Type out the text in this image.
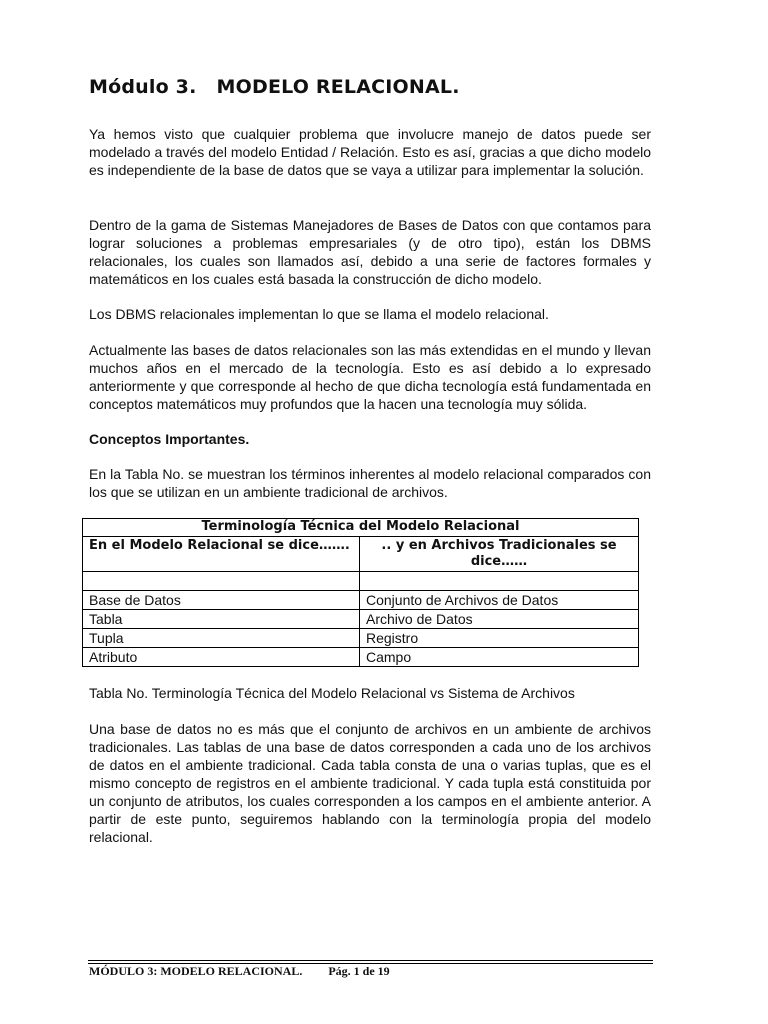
Módulo 3. MODELO RELACIONAL.

Ya hemos visto que cualquier problema que involucre manejo de datos puede ser modelado a través del modelo Entidad / Relación. Esto es así, gracias a que dicho modelo es independiente de la base de datos que se vaya a utilizar para implementar la solución.

Dentro de la gama de Sistemas Manejadores de Bases de Datos con que contamos para lograr soluciones a problemas empresariales (y de otro tipo), están los DBMS relacionales, los cuales son llamados así, debido a una serie de factores formales y matemáticos en los cuales está basada la construcción de dicho modelo.

Los DBMS relacionales implementan lo que se llama el modelo relacional.

Actualmente las bases de datos relacionales son las más extendidas en el mundo y llevan muchos años en el mercado de la tecnología. Esto es así debido a lo expresado anteriormente y que corresponde al hecho de que dicha tecnología está fundamentada en conceptos matemáticos muy profundos que la hacen una tecnología muy sólida.

Conceptos Importantes.

En la Tabla No. se muestran los términos inherentes al modelo relacional comparados con los que se utilizan en un ambiente tradicional de archivos.

Terminología Técnica del Modelo Relacional	
En el Modelo Relacional se dice…….	.. y en Archivos Tradicionales se dice……

Base de Datos	Conjunto de Archivos de Datos
Tabla	Archivo de Datos
Tupla	Registro
Atributo	Campo

Tabla No. Terminología Técnica del Modelo Relacional vs Sistema de Archivos

Una base de datos no es más que el conjunto de archivos en un ambiente de archivos tradicionales. Las tablas de una base de datos corresponden a cada uno de los archivos de datos en el ambiente tradicional. Cada tabla consta de una o varias tuplas, que es el mismo concepto de registros en el ambiente tradicional. Y cada tupla está constituida por un conjunto de atributos, los cuales corresponden a los campos en el ambiente anterior. A partir de este punto, seguiremos hablando con la terminología propia del modelo relacional.

MÓDULO 3: MODELO RELACIONAL. Pág. 1 de 19
